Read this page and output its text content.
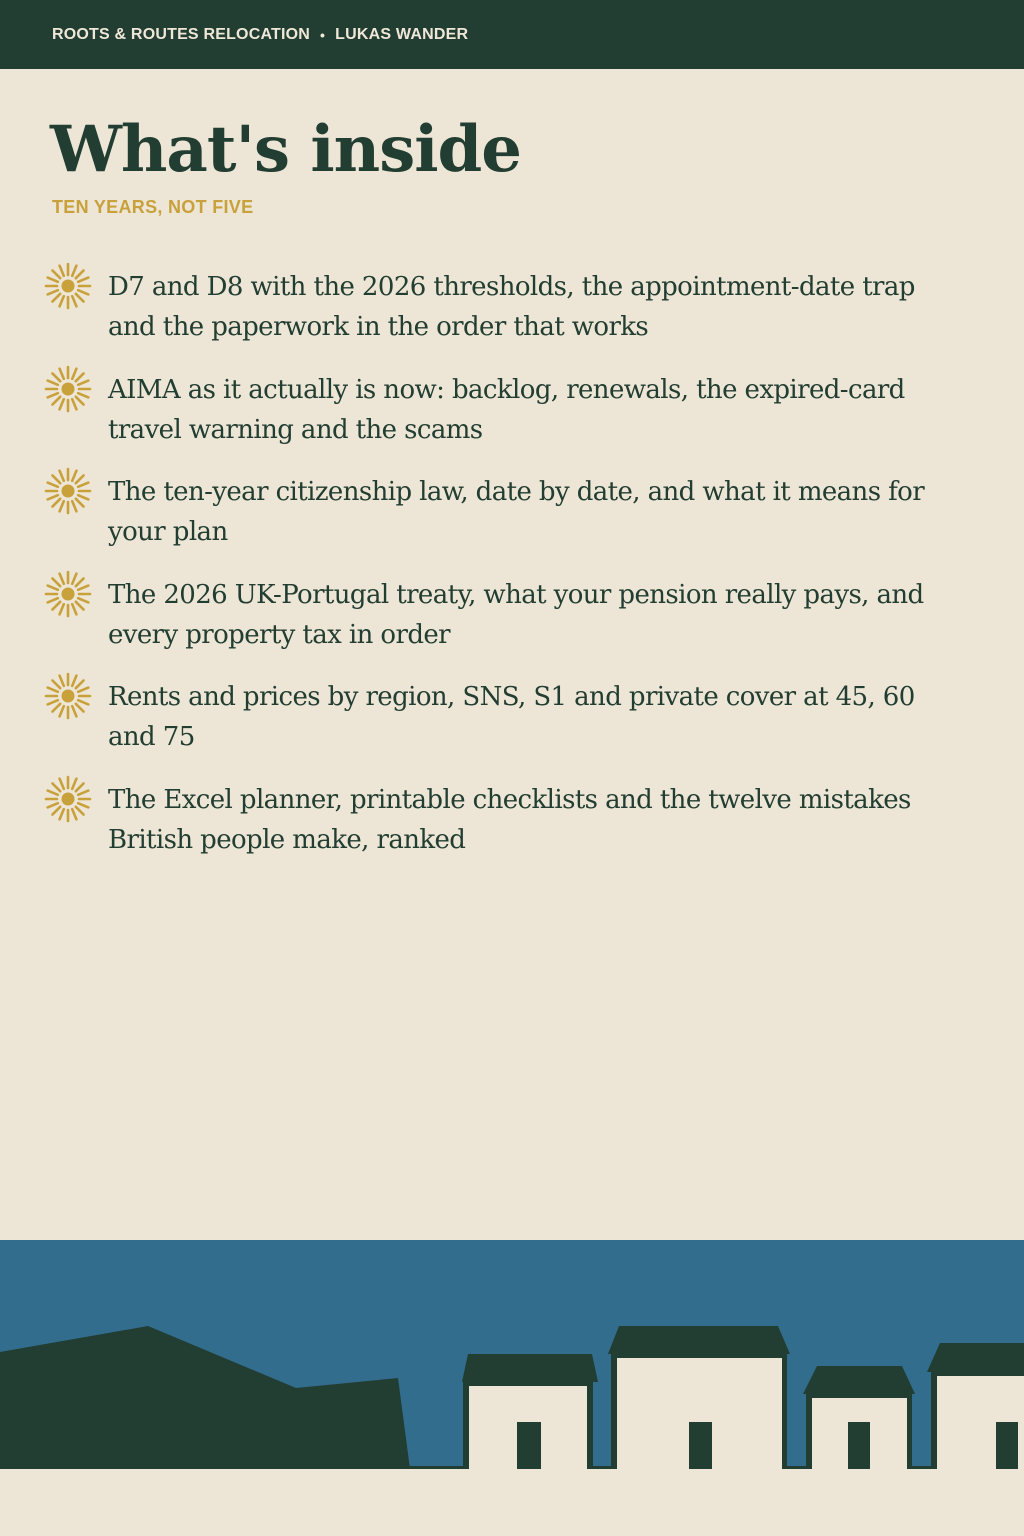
ROOTS & ROUTES RELOCATION • LUKAS WANDER
What's inside
TEN YEARS, NOT FIVE
D7 and D8 with the 2026 thresholds, the appointment-date trap and the paperwork in the order that works
AIMA as it actually is now: backlog, renewals, the expired-card travel warning and the scams
The ten-year citizenship law, date by date, and what it means for your plan
The 2026 UK-Portugal treaty, what your pension really pays, and every property tax in order
Rents and prices by region, SNS, S1 and private cover at 45, 60 and 75
The Excel planner, printable checklists and the twelve mistakes British people make, ranked
